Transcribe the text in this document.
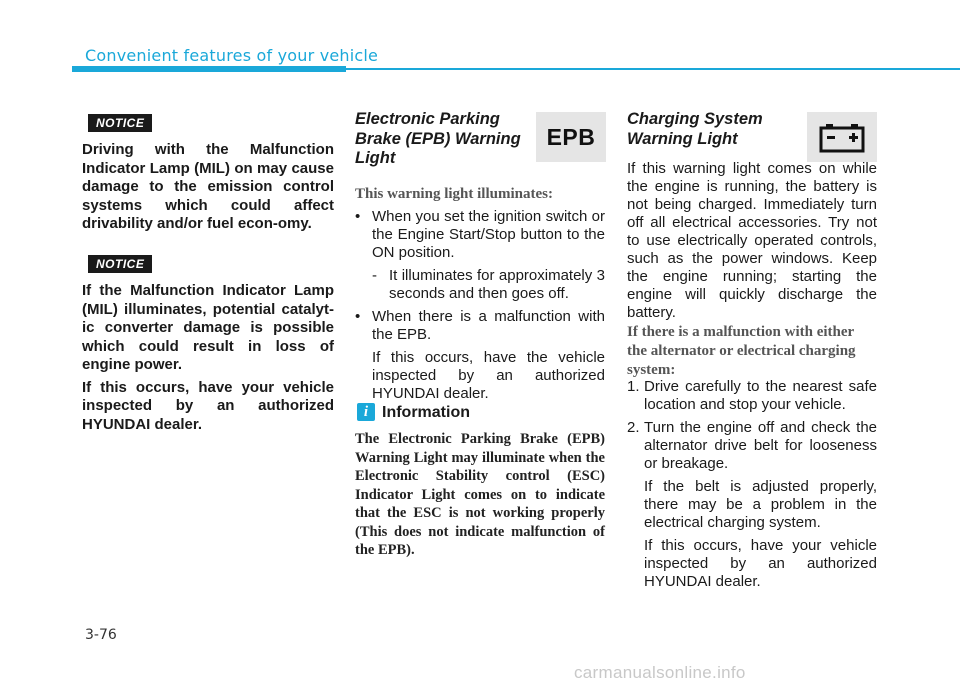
Convenient features of your vehicle
NOTICE

Driving with the Malfunction Indicator Lamp (MIL) on may cause damage to the emission control systems which could affect drivability and/or fuel econ-omy.

NOTICE

If the Malfunction Indicator Lamp (MIL) illuminates, potential catalyt-ic converter damage is possible which could result in loss of engine power.

If this occurs, have your vehicle inspected by an authorized HYUNDAI dealer.

Electronic Parking
Brake (EPB) Warning
Light
EPB
This warning light illuminates:

• When you set the ignition switch or the Engine Start/Stop button to the ON position.

- It illuminates for approximately 3 seconds and then goes off.

• When there is a malfunction with the EPB.

If this occurs, have the vehicle inspected by an authorized HYUNDAI dealer.

i Information

The Electronic Parking Brake (EPB) Warning Light may illuminate when the Electronic Stability control (ESC) Indicator Light comes on to indicate that the ESC is not working properly (This does not indicate malfunction of the EPB).

Charging System
Warning Light

If this warning light comes on while the engine is running, the battery is not being charged. Immediately turn off all electrical accessories. Try not to use electrically operated controls, such as the power windows. Keep the engine running; starting the engine will quickly discharge the battery.

If there is a malfunction with either the alternator or electrical charging system:

1. Drive carefully to the nearest safe location and stop your vehicle.

2. Turn the engine off and check the alternator drive belt for looseness or breakage.

If the belt is adjusted properly, there may be a problem in the electrical charging system.

If this occurs, have your vehicle inspected by an authorized HYUNDAI dealer.

3-76
carmanualsonline.info
